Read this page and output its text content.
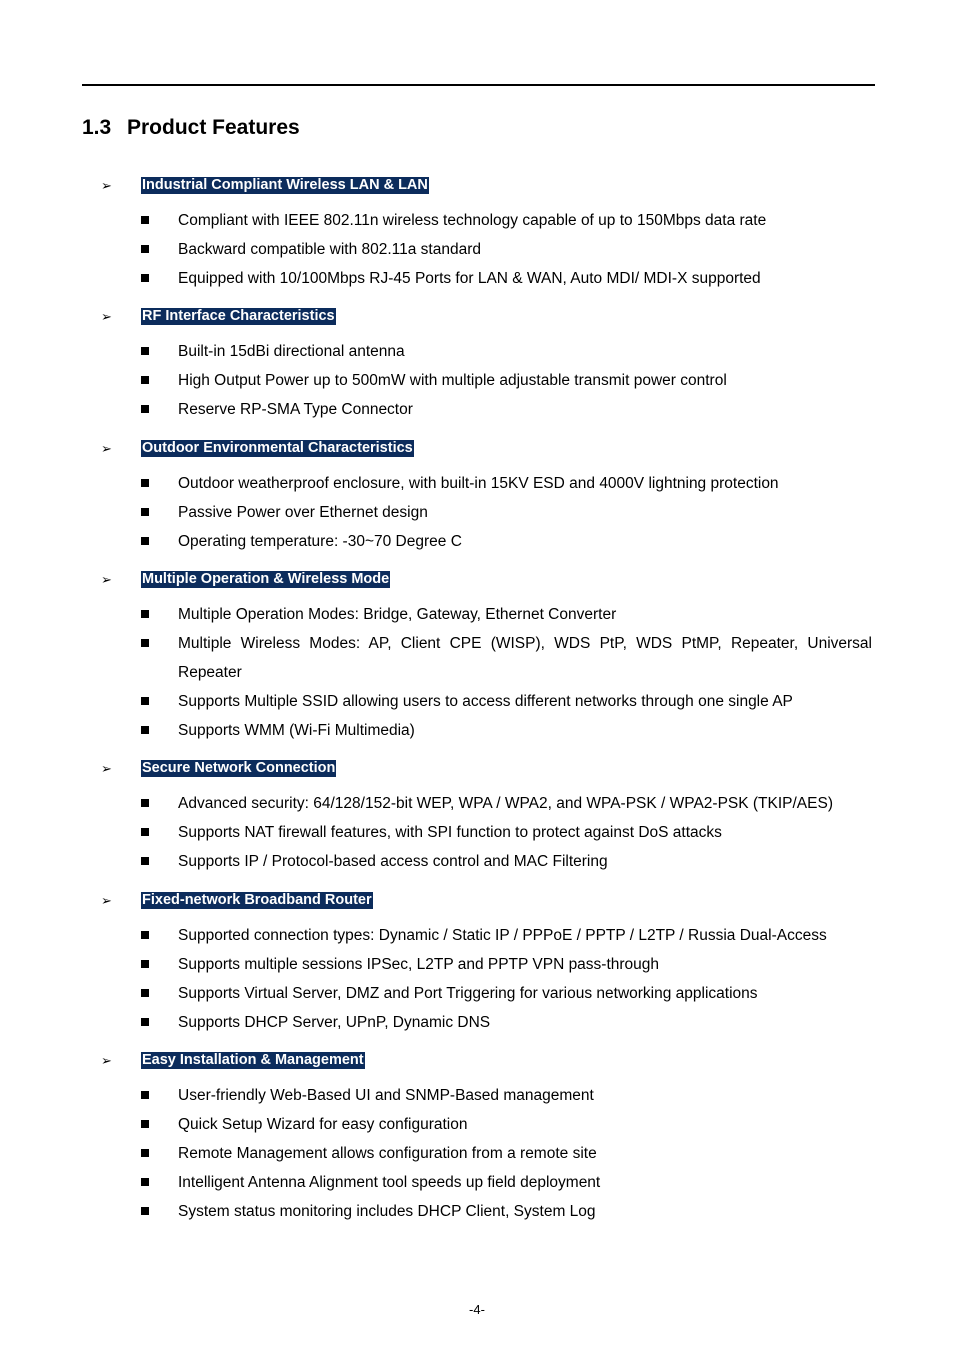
1.3 Product Features
➢ Industrial Compliant Wireless LAN & LAN
Compliant with IEEE 802.11n wireless technology capable of up to 150Mbps data rate
Backward compatible with 802.11a standard
Equipped with 10/100Mbps RJ-45 Ports for LAN & WAN, Auto MDI/ MDI-X supported
➢ RF Interface Characteristics
Built-in 15dBi directional antenna
High Output Power up to 500mW with multiple adjustable transmit power control
Reserve RP-SMA Type Connector
➢ Outdoor Environmental Characteristics
Outdoor weatherproof enclosure, with built-in 15KV ESD and 4000V lightning protection
Passive Power over Ethernet design
Operating temperature: -30~70 Degree C
➢ Multiple Operation & Wireless Mode
Multiple Operation Modes: Bridge, Gateway, Ethernet Converter
Multiple Wireless Modes: AP, Client CPE (WISP), WDS PtP, WDS PtMP, Repeater, Universal Repeater
Supports Multiple SSID allowing users to access different networks through one single AP
Supports WMM (Wi-Fi Multimedia)
➢ Secure Network Connection
Advanced security: 64/128/152-bit WEP, WPA / WPA2, and WPA-PSK / WPA2-PSK (TKIP/AES)
Supports NAT firewall features, with SPI function to protect against DoS attacks
Supports IP / Protocol-based access control and MAC Filtering
➢ Fixed-network Broadband Router
Supported connection types: Dynamic / Static IP / PPPoE / PPTP / L2TP / Russia Dual-Access
Supports multiple sessions IPSec, L2TP and PPTP VPN pass-through
Supports Virtual Server, DMZ and Port Triggering for various networking applications
Supports DHCP Server, UPnP, Dynamic DNS
➢ Easy Installation & Management
User-friendly Web-Based UI and SNMP-Based management
Quick Setup Wizard for easy configuration
Remote Management allows configuration from a remote site
Intelligent Antenna Alignment tool speeds up field deployment
System status monitoring includes DHCP Client, System Log
-4-
